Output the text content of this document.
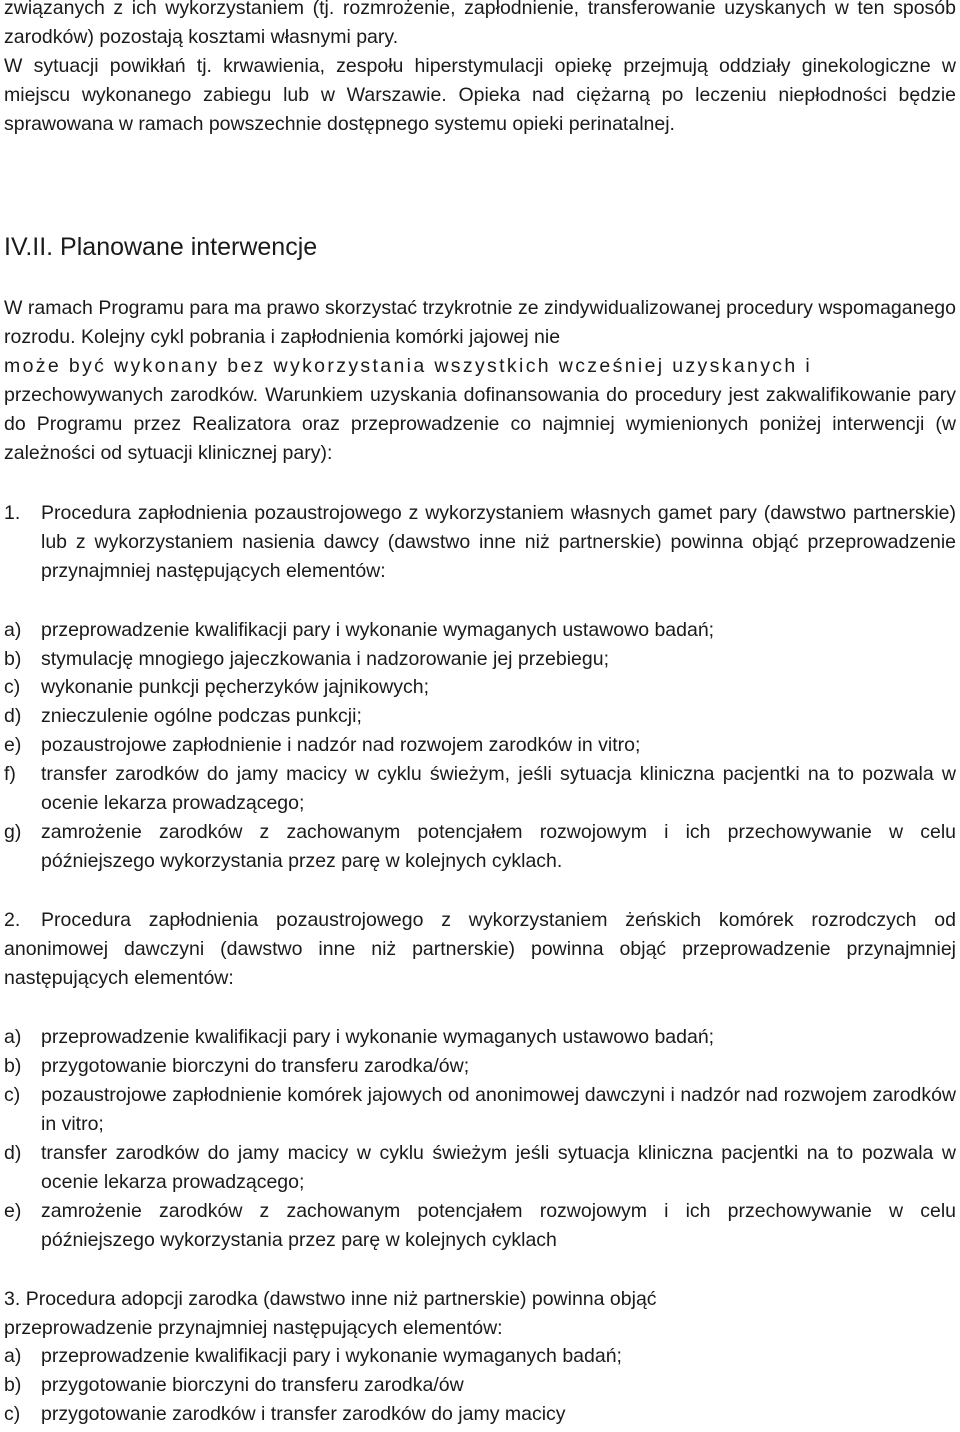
związanych z ich wykorzystaniem (tj. rozmrożenie, zapłodnienie, transferowanie uzyskanych w ten sposób zarodków) pozostają kosztami własnymi pary.

W sytuacji powikłań tj. krwawienia, zespołu hiperstymulacji opiekę przejmują oddziały ginekologiczne w miejscu wykonanego zabiegu lub w Warszawie. Opieka nad ciężarną po leczeniu niepłodności będzie sprawowana w ramach powszechnie dostępnego systemu opieki perinatalnej.

IV.II. Planowane interwencje

W ramach Programu para ma prawo skorzystać trzykrotnie ze zindywidualizowanej procedury wspomaganego rozrodu. Kolejny cykl pobrania i zapłodnienia komórki jajowej nie

może być wykonany bez wykorzystania wszystkich wcześniej uzyskanych i

przechowywanych zarodków. Warunkiem uzyskania dofinansowania do procedury jest zakwalifikowanie pary do Programu przez Realizatora oraz przeprowadzenie co najmniej wymienionych poniżej interwencji (w zależności od sytuacji klinicznej pary):

1. Procedura zapłodnienia pozaustrojowego z wykorzystaniem własnych gamet pary (dawstwo partnerskie) lub z wykorzystaniem nasienia dawcy (dawstwo inne niż partnerskie) powinna objąć przeprowadzenie przynajmniej następujących elementów:
a) przeprowadzenie kwalifikacji pary i wykonanie wymaganych ustawowo badań;
b) stymulację mnogiego jajeczkowania i nadzorowanie jej przebiegu;
c) wykonanie punkcji pęcherzyków jajnikowych;
d) znieczulenie ogólne podczas punkcji;
e) pozaustrojowe zapłodnienie i nadzór nad rozwojem zarodków in vitro;
f) transfer zarodków do jamy macicy w cyklu świeżym, jeśli sytuacja kliniczna pacjentki na to pozwala w ocenie lekarza prowadzącego;
g) zamrożenie zarodków z zachowanym potencjałem rozwojowym i ich przechowywanie w celu późniejszego wykorzystania przez parę w kolejnych cyklach.
2.	Procedura zapłodnienia pozaustrojowego z wykorzystaniem żeńskich komórek rozrodczych od anonimowej dawczyni (dawstwo inne niż partnerskie) powinna objąć przeprowadzenie przynajmniej następujących elementów:
a) przeprowadzenie kwalifikacji pary i wykonanie wymaganych ustawowo badań;
b) przygotowanie biorczyni do transferu zarodka/ów;
c) pozaustrojowe zapłodnienie komórek jajowych od anonimowej dawczyni i nadzór nad rozwojem zarodków in vitro;
d) transfer zarodków do jamy macicy w cyklu świeżym jeśli sytuacja kliniczna pacjentki na to pozwala w ocenie lekarza prowadzącego;
e) zamrożenie zarodków z zachowanym potencjałem rozwojowym i ich przechowywanie w celu późniejszego wykorzystania przez parę w kolejnych cyklach
3. Procedura adopcji zarodka (dawstwo inne niż partnerskie) powinna objąć
przeprowadzenie przynajmniej następujących elementów:
a) przeprowadzenie kwalifikacji pary i wykonanie wymaganych badań;
b) przygotowanie biorczyni do transferu zarodka/ów
c) przygotowanie zarodków i transfer zarodków do jamy macicy
